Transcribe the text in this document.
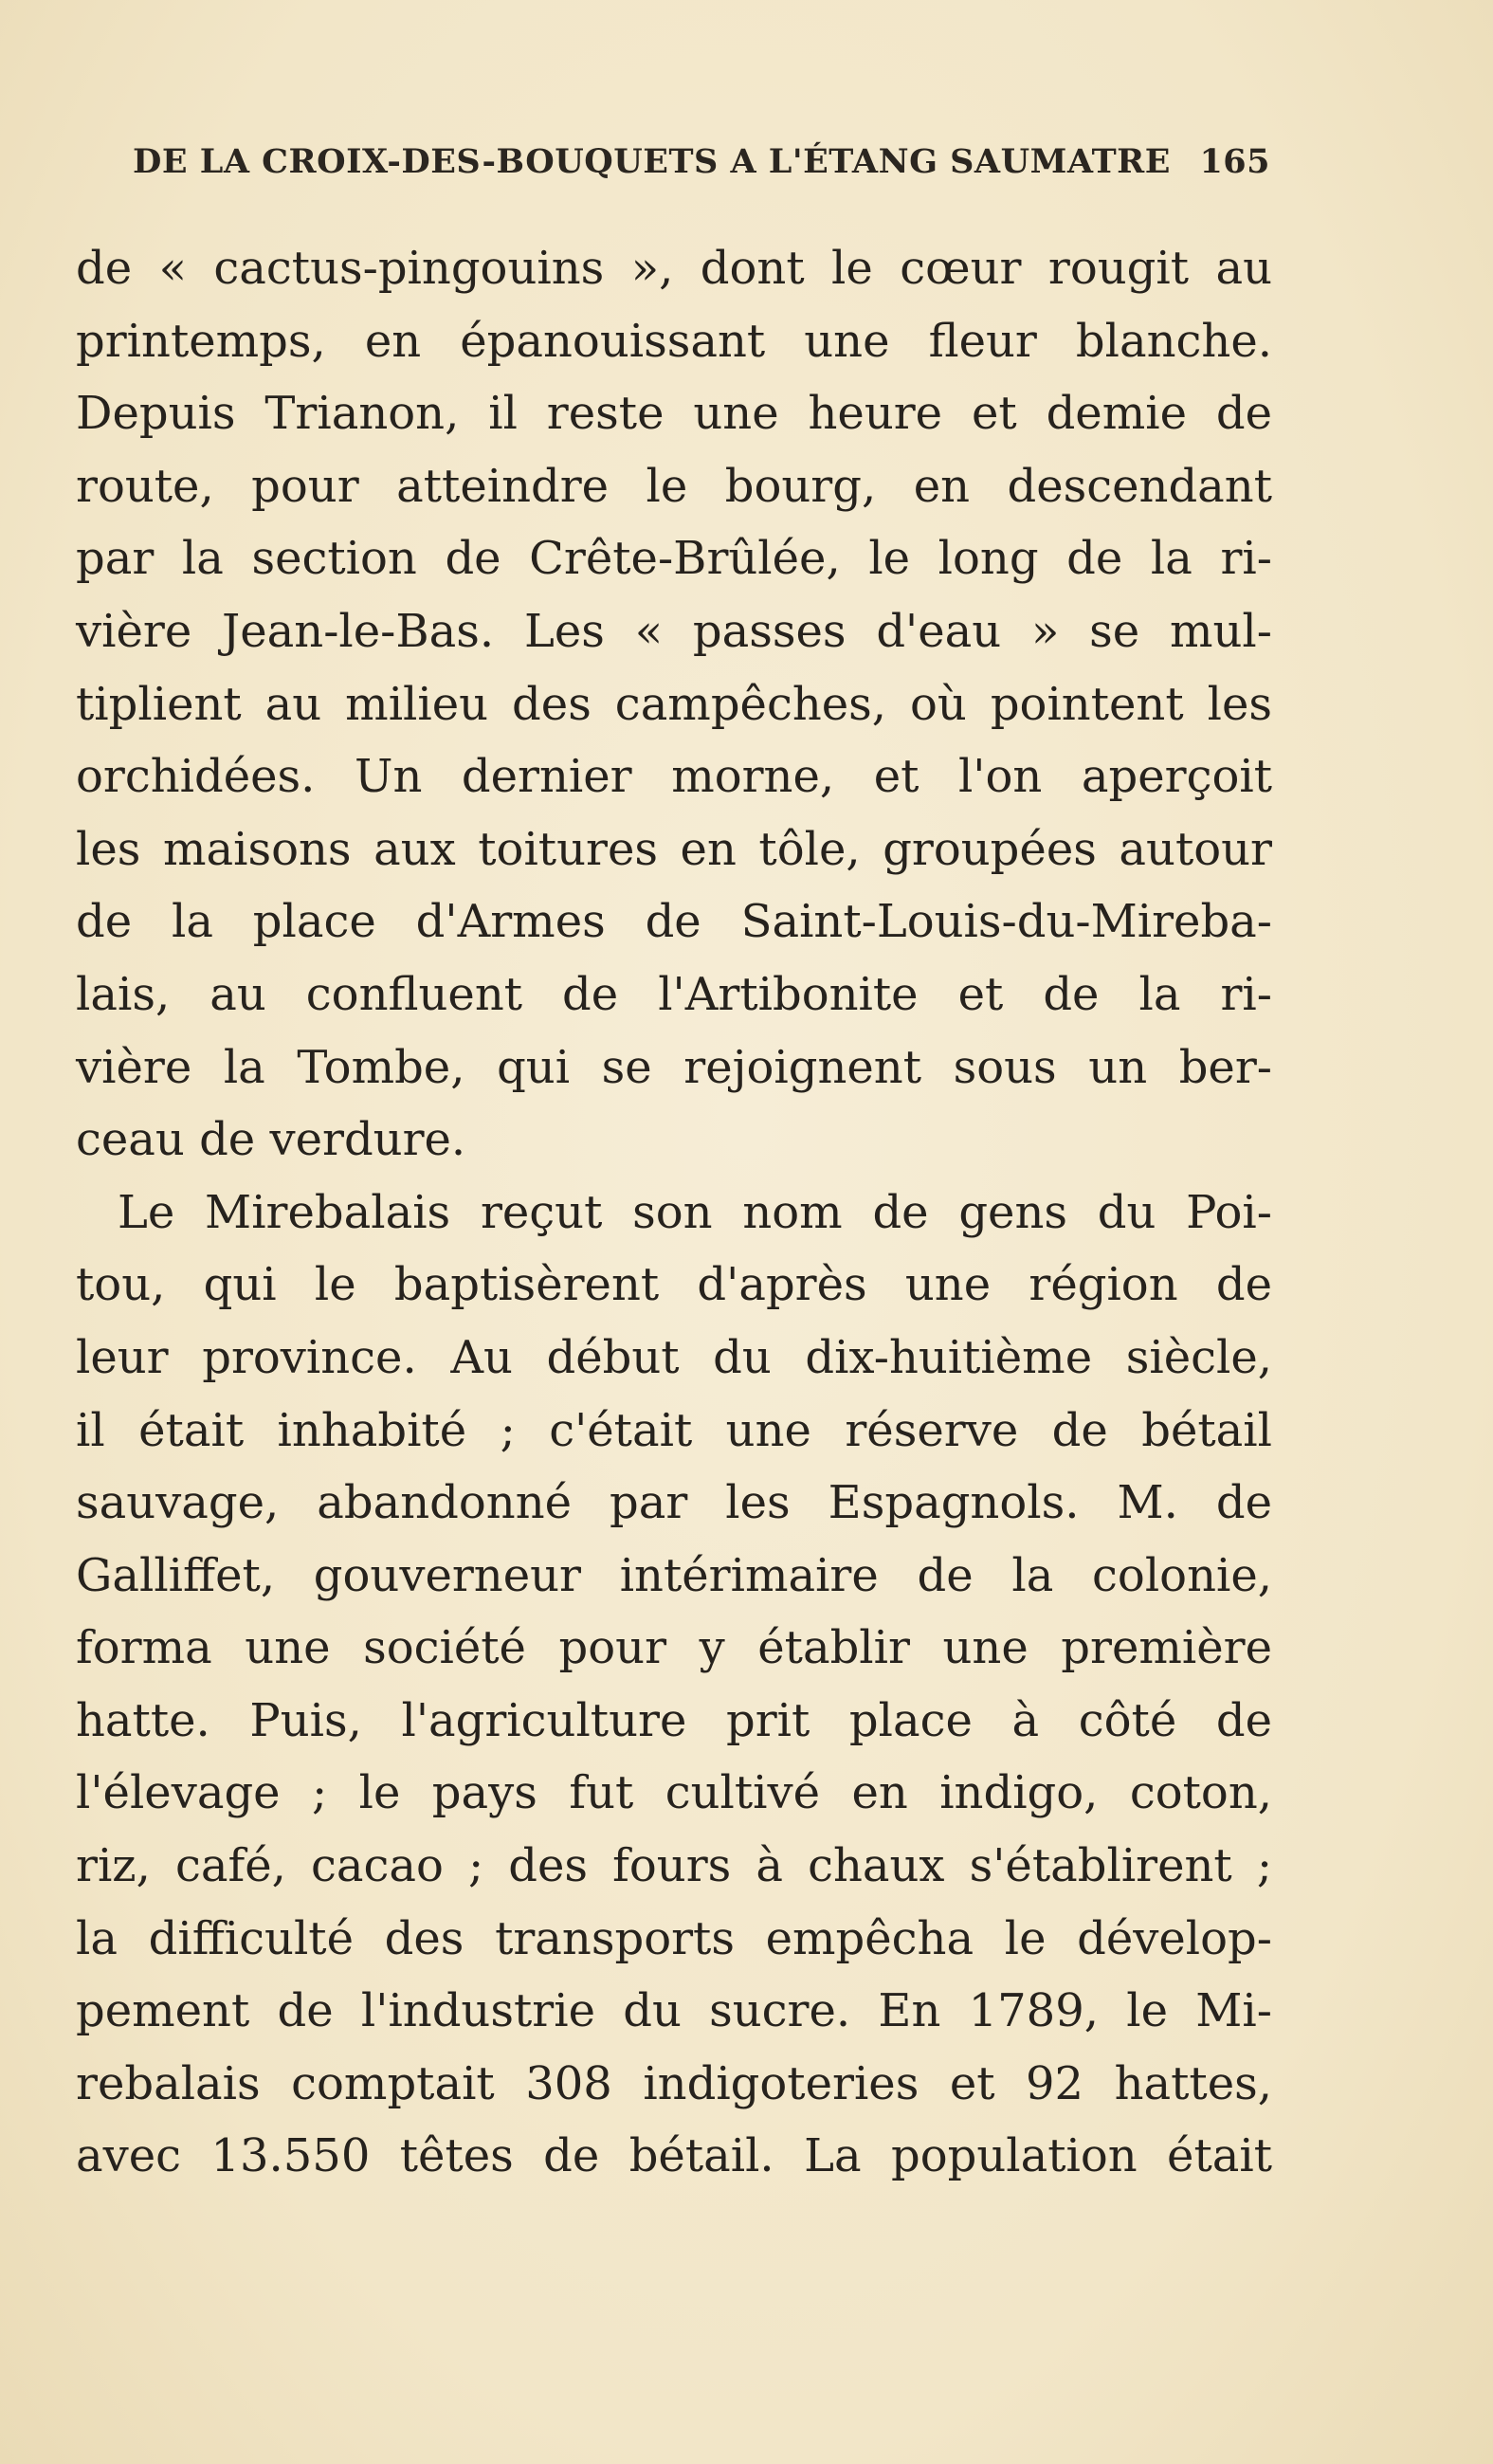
DE LA CROIX-DES-BOUQUETS A L'ÉTANG SAUMATRE 165
de « cactus-pingouins », dont le cœur rougit au
printemps, en épanouissant une fleur blanche.
Depuis Trianon, il reste une heure et demie de
route, pour atteindre le bourg, en descendant
par la section de Crête-Brûlée, le long de la ri-
vière Jean-le-Bas. Les « passes d'eau » se mul-
tiplient au milieu des campêches, où pointent les
orchidées. Un dernier morne, et l'on aperçoit
les maisons aux toitures en tôle, groupées autour
de la place d'Armes de Saint-Louis-du-Mireba-
lais, au confluent de l'Artibonite et de la ri-
vière la Tombe, qui se rejoignent sous un ber-
ceau de verdure.
Le Mirebalais reçut son nom de gens du Poi-
tou, qui le baptisèrent d'après une région de
leur province. Au début du dix-huitième siècle,
il était inhabité ; c'était une réserve de bétail
sauvage, abandonné par les Espagnols. M. de
Galliffet, gouverneur intérimaire de la colonie,
forma une société pour y établir une première
hatte. Puis, l'agriculture prit place à côté de
l'élevage ; le pays fut cultivé en indigo, coton,
riz, café, cacao ; des fours à chaux s'établirent ;
la difficulté des transports empêcha le dévelop-
pement de l'industrie du sucre. En 1789, le Mi-
rebalais comptait 308 indigoteries et 92 hattes,
avec 13.550 têtes de bétail. La population était
